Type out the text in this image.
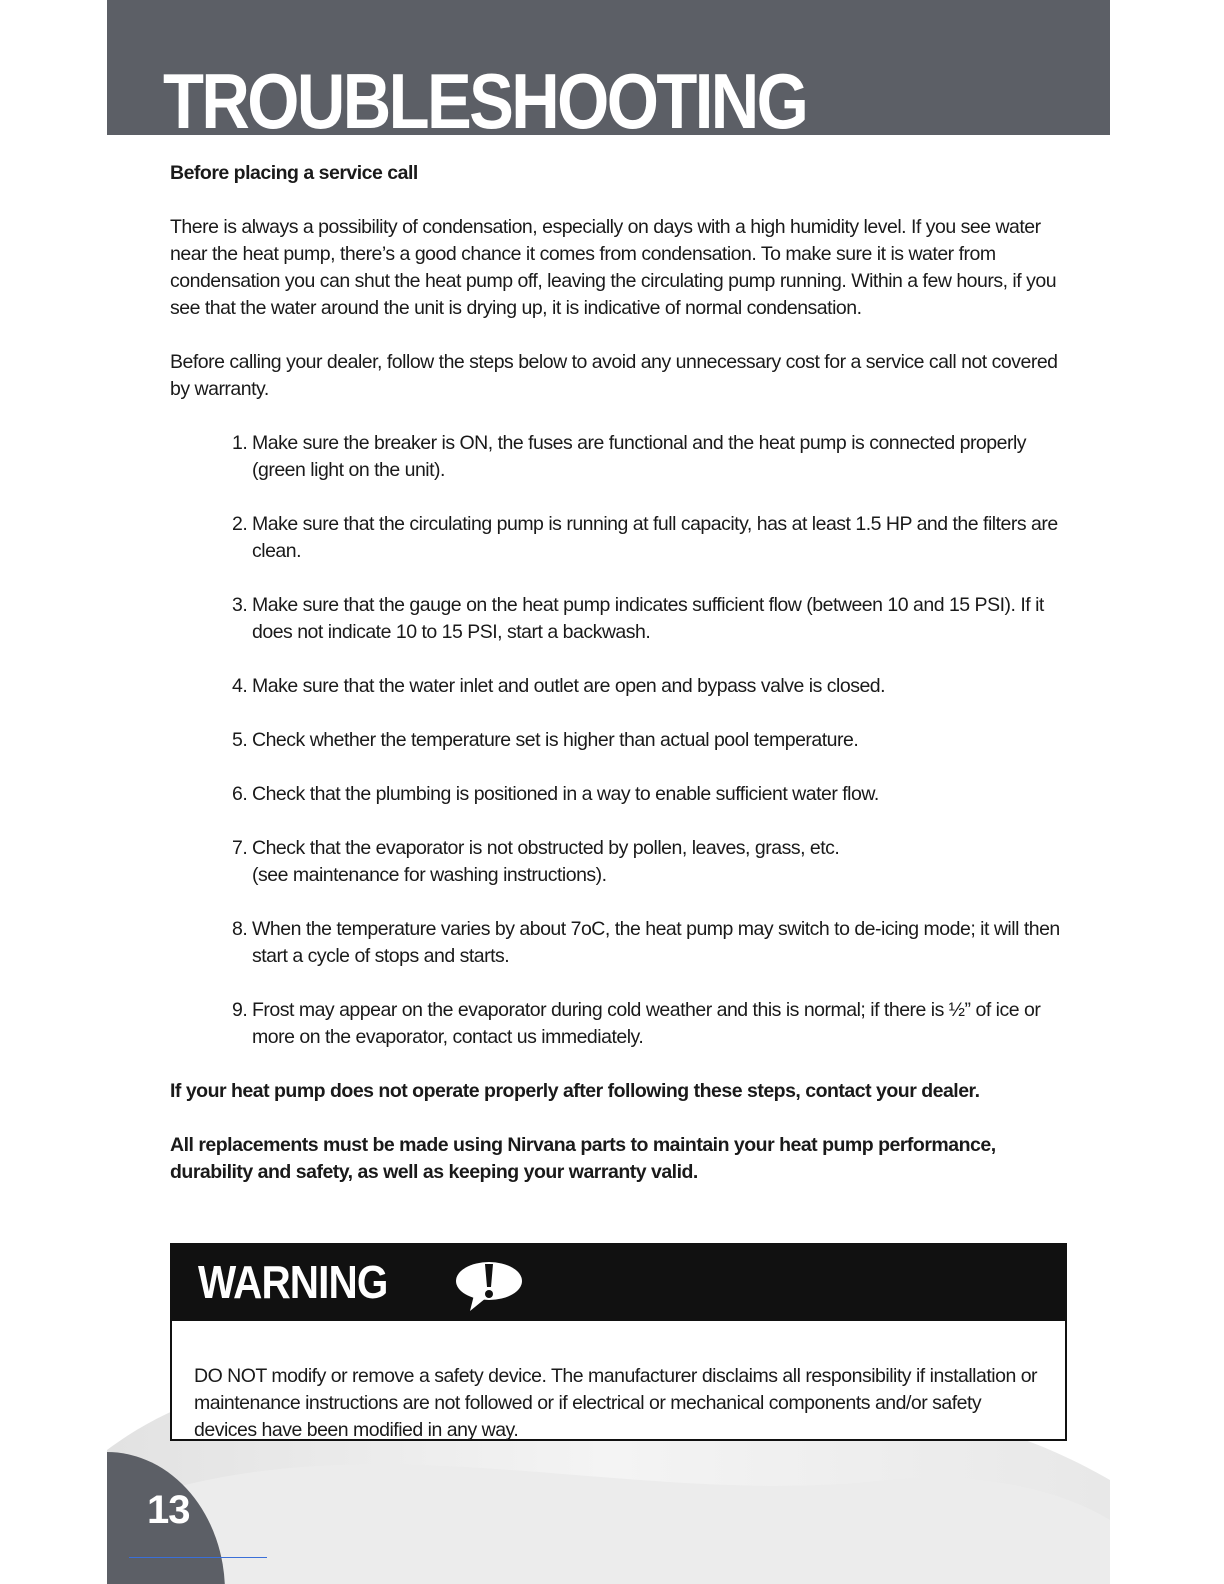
TROUBLESHOOTING

Before placing a service call

There is always a possibility of condensation, especially on days with a high humidity level. If you see water near the heat pump, there’s a good chance it comes from condensation. To make sure it is water from condensation you can shut the heat pump off, leaving the circulating pump running. Within a few hours, if you see that the water around the unit is drying up, it is indicative of normal condensation.

Before calling your dealer, follow the steps below to avoid any unnecessary cost for a service call not covered by warranty.

1. Make sure the breaker is ON, the fuses are functional and the heat pump is connected properly (green light on the unit).
2. Make sure that the circulating pump is running at full capacity, has at least 1.5 HP and the filters are clean.
3. Make sure that the gauge on the heat pump indicates sufficient flow (between 10 and 15 PSI). If it does not indicate 10 to 15 PSI, start a backwash.
4. Make sure that the water inlet and outlet are open and bypass valve is closed.
5. Check whether the temperature set is higher than actual pool temperature.
6. Check that the plumbing is positioned in a way to enable sufficient water flow.
7. Check that the evaporator is not obstructed by pollen, leaves, grass, etc.
(see maintenance for washing instructions).
8. When the temperature varies by about 7oC, the heat pump may switch to de-icing mode; it will then start a cycle of stops and starts.
9. Frost may appear on the evaporator during cold weather and this is normal; if there is ½” of ice or more on the evaporator, contact us immediately.

If your heat pump does not operate properly after following these steps, contact your dealer.

All replacements must be made using Nirvana parts to maintain your heat pump performance, durability and safety, as well as keeping your warranty valid.

WARNING

DO NOT modify or remove a safety device. The manufacturer disclaims all responsibility if installation or maintenance instructions are not followed or if electrical or mechanical components and/or safety devices have been modified in any way.

13
